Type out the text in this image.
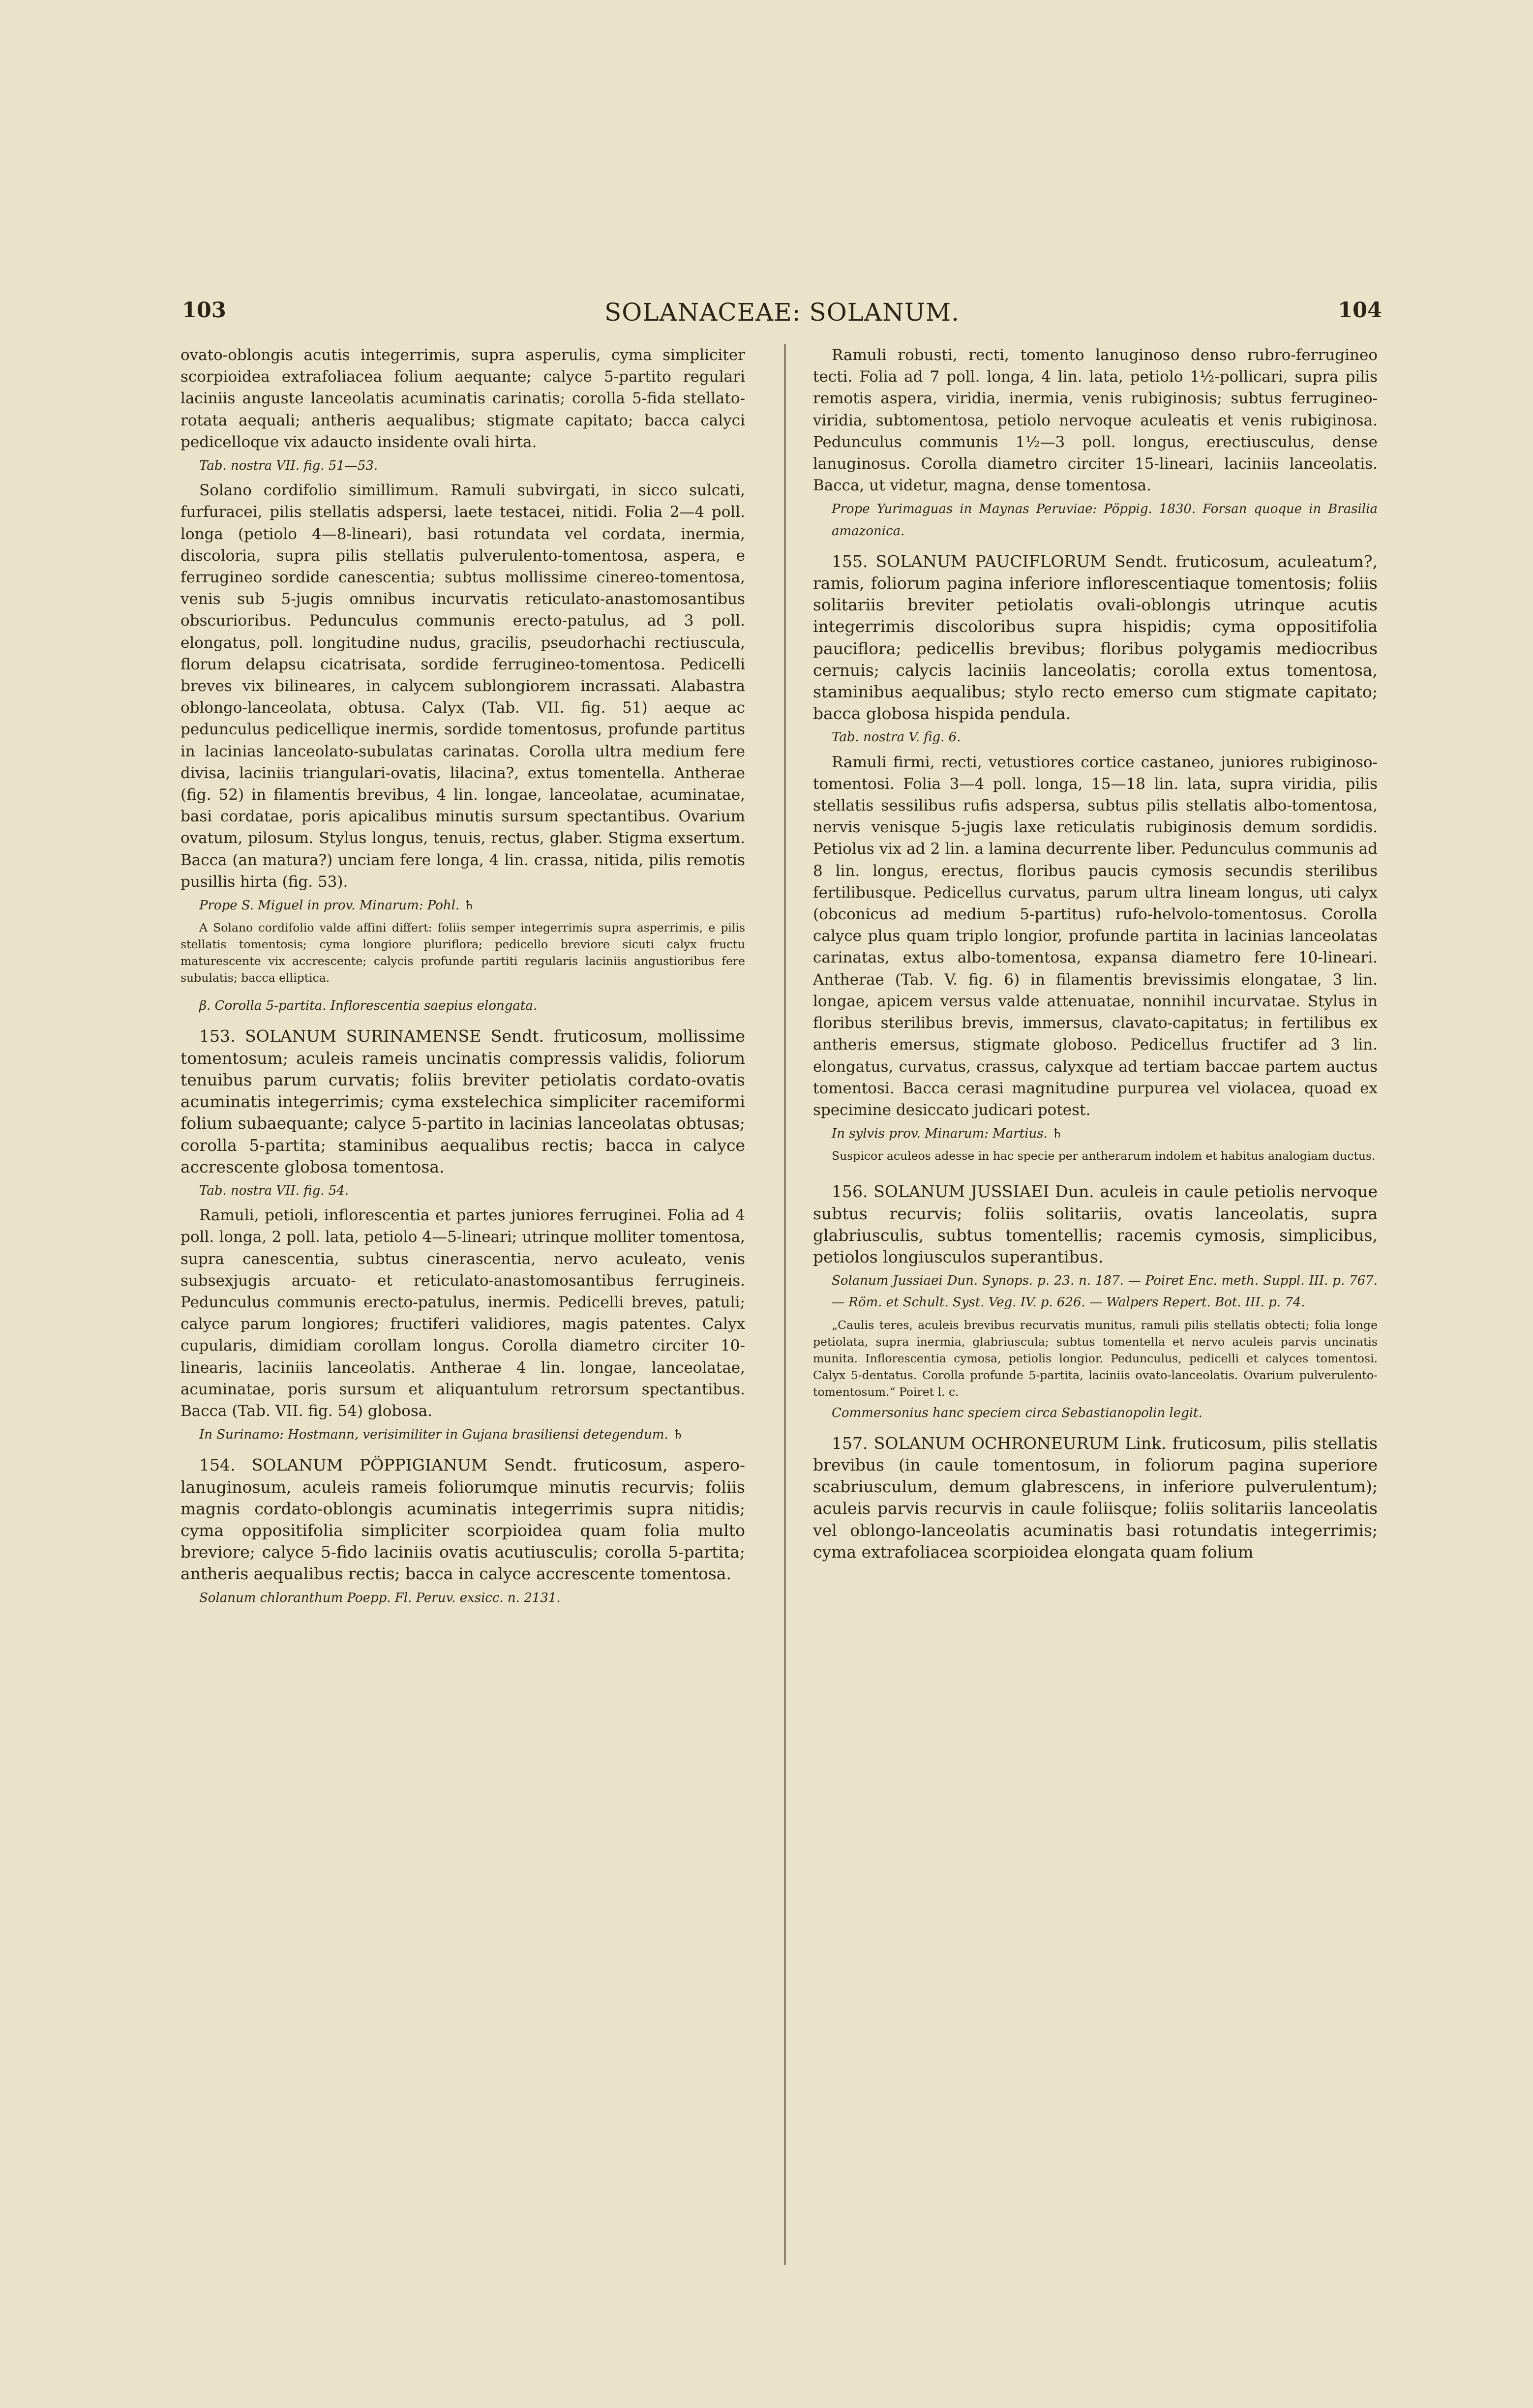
103	SOLANACEAE: SOLANUM.	104

ovato-oblongis acutis integerrimis, supra asperulis, cyma simpliciter scorpioidea extrafoliacea folium aequante; calyce 5-partito regulari laciniis anguste lanceolatis acuminatis carinatis; corolla 5-fida stellato-rotata aequali; antheris aequalibus; stigmate capitato; bacca calyci pedicelloque vix adaucto insidente ovali hirta.

Tab. nostra VII. fig. 51—53.

Solano cordifolio simillimum. Ramuli subvirgati, in sicco sulcati, furfuracei, pilis stellatis adspersi, laete testacei, nitidi. Folia 2—4 poll. longa (petiolo 4—8-lineari), basi rotundata vel cordata, inermia, discoloria, supra pilis stellatis pulverulento-tomentosa, aspera, e ferrugineo sordide canescentia; subtus mollissime cinereo-tomentosa, venis sub 5-jugis omnibus incurvatis reticulato-anastomosantibus obscurioribus. Pedunculus communis erecto-patulus, ad 3 poll. elongatus, poll. longitudine nudus, gracilis, pseudorhachi rectiuscula, florum delapsu cicatrisata, sordide ferrugineo-tomentosa. Pedicelli breves vix bilineares, in calycem sublongiorem incrassati. Alabastra oblongo-lanceolata, obtusa. Calyx (Tab. VII. fig. 51) aeque ac pedunculus pedicellique inermis, sordide tomentosus, profunde partitus in lacinias lanceolato-subulatas carinatas. Corolla ultra medium fere divisa, laciniis triangulari-ovatis, lilacina?, extus tomentella. Antherae (fig. 52) in filamentis brevibus, 4 lin. longae, lanceolatae, acuminatae, basi cordatae, poris apicalibus minutis sursum spectantibus. Ovarium ovatum, pilosum. Stylus longus, tenuis, rectus, glaber. Stigma exsertum. Bacca (an matura?) unciam fere longa, 4 lin. crassa, nitida, pilis remotis pusillis hirta (fig. 53).

Prope S. Miguel in prov. Minarum: Pohl. ♄

A Solano cordifolio valde affini differt: foliis semper integerrimis supra asperrimis, e pilis stellatis tomentosis; cyma longiore pluriflora; pedicello breviore sicuti calyx fructu maturescente vix accrescente; calycis profunde partiti regularis laciniis angustioribus fere subulatis; bacca elliptica.

β. Corolla 5-partita. Inflorescentia saepius elongata.

153. SOLANUM SURINAMENSE Sendt. fruticosum, mollissime tomentosum; aculeis rameis uncinatis compressis validis, foliorum tenuibus parum curvatis; foliis breviter petiolatis cordato-ovatis acuminatis integerrimis; cyma exstelechica simpliciter racemiformi folium subaequante; calyce 5-partito in lacinias lanceolatas obtusas; corolla 5-partita; staminibus aequalibus rectis; bacca in calyce accrescente globosa tomentosa.

Tab. nostra VII. fig. 54.

Ramuli, petioli, inflorescentia et partes juniores ferruginei. Folia ad 4 poll. longa, 2 poll. lata, petiolo 4—5-lineari; utrinque molliter tomentosa, supra canescentia, subtus cinerascentia, nervo aculeato, venis subsexjugis arcuato- et reticulato-anastomosantibus ferrugineis. Pedunculus communis erecto-patulus, inermis. Pedicelli breves, patuli; calyce parum longiores; fructiferi validiores, magis patentes. Calyx cupularis, dimidiam corollam longus. Corolla diametro circiter 10-linearis, laciniis lanceolatis. Antherae 4 lin. longae, lanceolatae, acuminatae, poris sursum et aliquantulum retrorsum spectantibus. Bacca (Tab. VII. fig. 54) globosa.

In Surinamo: Hostmann, verisimiliter in Gujana brasiliensi detegendum. ♄

154. SOLANUM PÖPPIGIANUM Sendt. fruticosum, aspero-lanuginosum, aculeis rameis foliorumque minutis recurvis; foliis magnis cordato-oblongis acuminatis integerrimis supra nitidis; cyma oppositifolia simpliciter scorpioidea quam folia multo breviore; calyce 5-fido laciniis ovatis acutiusculis; corolla 5-partita; antheris aequalibus rectis; bacca in calyce accrescente tomentosa.

Solanum chloranthum Poepp. Fl. Peruv. exsicc. n. 2131.

Ramuli robusti, recti, tomento lanuginoso denso rubro-ferrugineo tecti. Folia ad 7 poll. longa, 4 lin. lata, petiolo 1½-pollicari, supra pilis remotis aspera, viridia, inermia, venis rubiginosis; subtus ferrugineo-viridia, subtomentosa, petiolo nervoque aculeatis et venis rubiginosa. Pedunculus communis 1½—3 poll. longus, erectiusculus, dense lanuginosus. Corolla diametro circiter 15-lineari, laciniis lanceolatis. Bacca, ut videtur, magna, dense tomentosa.

Prope Yurimaguas in Maynas Peruviae: Pöppig. 1830. Forsan quoque in Brasilia amazonica.

155. SOLANUM PAUCIFLORUM Sendt. fruticosum, aculeatum?, ramis, foliorum pagina inferiore inflorescentiaque tomentosis; foliis solitariis breviter petiolatis ovali-oblongis utrinque acutis integerrimis discoloribus supra hispidis; cyma oppositifolia pauciflora; pedicellis brevibus; floribus polygamis mediocribus cernuis; calycis laciniis lanceolatis; corolla extus tomentosa, staminibus aequalibus; stylo recto emerso cum stigmate capitato; bacca globosa hispida pendula.

Tab. nostra V. fig. 6.

Ramuli firmi, recti, vetustiores cortice castaneo, juniores rubiginoso-tomentosi. Folia 3—4 poll. longa, 15—18 lin. lata, supra viridia, pilis stellatis sessilibus rufis adspersa, subtus pilis stellatis albo-tomentosa, nervis venisque 5-jugis laxe reticulatis rubiginosis demum sordidis. Petiolus vix ad 2 lin. a lamina decurrente liber. Pedunculus communis ad 8 lin. longus, erectus, floribus paucis cymosis secundis sterilibus fertilibusque. Pedicellus curvatus, parum ultra lineam longus, uti calyx (obconicus ad medium 5-partitus) rufo-helvolo-tomentosus. Corolla calyce plus quam triplo longior, profunde partita in lacinias lanceolatas carinatas, extus albo-tomentosa, expansa diametro fere 10-lineari. Antherae (Tab. V. fig. 6) in filamentis brevissimis elongatae, 3 lin. longae, apicem versus valde attenuatae, nonnihil incurvatae. Stylus in floribus sterilibus brevis, immersus, clavato-capitatus; in fertilibus ex antheris emersus, stigmate globoso. Pedicellus fructifer ad 3 lin. elongatus, curvatus, crassus, calyxque ad tertiam baccae partem auctus tomentosi. Bacca cerasi magnitudine purpurea vel violacea, quoad ex specimine desiccato judicari potest.

In sylvis prov. Minarum: Martius. ♄

Suspicor aculeos adesse in hac specie per antherarum indolem et habitus analogiam ductus.

156. SOLANUM JUSSIAEI Dun. aculeis in caule petiolis nervoque subtus recurvis; foliis solitariis, ovatis lanceolatis, supra glabriusculis, subtus tomentellis; racemis cymosis, simplicibus, petiolos longiusculos superantibus.

Solanum Jussiaei Dun. Synops. p. 23. n. 187. — Poiret Enc. meth. Suppl. III. p. 767. — Röm. et Schult. Syst. Veg. IV. p. 626. — Walpers Repert. Bot. III. p. 74.

„Caulis teres, aculeis brevibus recurvatis munitus, ramuli pilis stellatis obtecti; folia longe petiolata, supra inermia, glabriuscula; subtus tomentella et nervo aculeis parvis uncinatis munita. Inflorescentia cymosa, petiolis longior. Pedunculus, pedicelli et calyces tomentosi. Calyx 5-dentatus. Corolla profunde 5-partita, laciniis ovato-lanceolatis. Ovarium pulverulento-tomentosum.“ Poiret l. c.

Commersonius hanc speciem circa Sebastianopolin legit.

157. SOLANUM OCHRONEURUM Link. fruticosum, pilis stellatis brevibus (in caule tomentosum, in foliorum pagina superiore scabriusculum, demum glabrescens, in inferiore pulverulentum); aculeis parvis recurvis in caule foliisque; foliis solitariis lanceolatis vel oblongo-lanceolatis acuminatis basi rotundatis integerrimis; cyma extrafoliacea scorpioidea elongata quam folium
